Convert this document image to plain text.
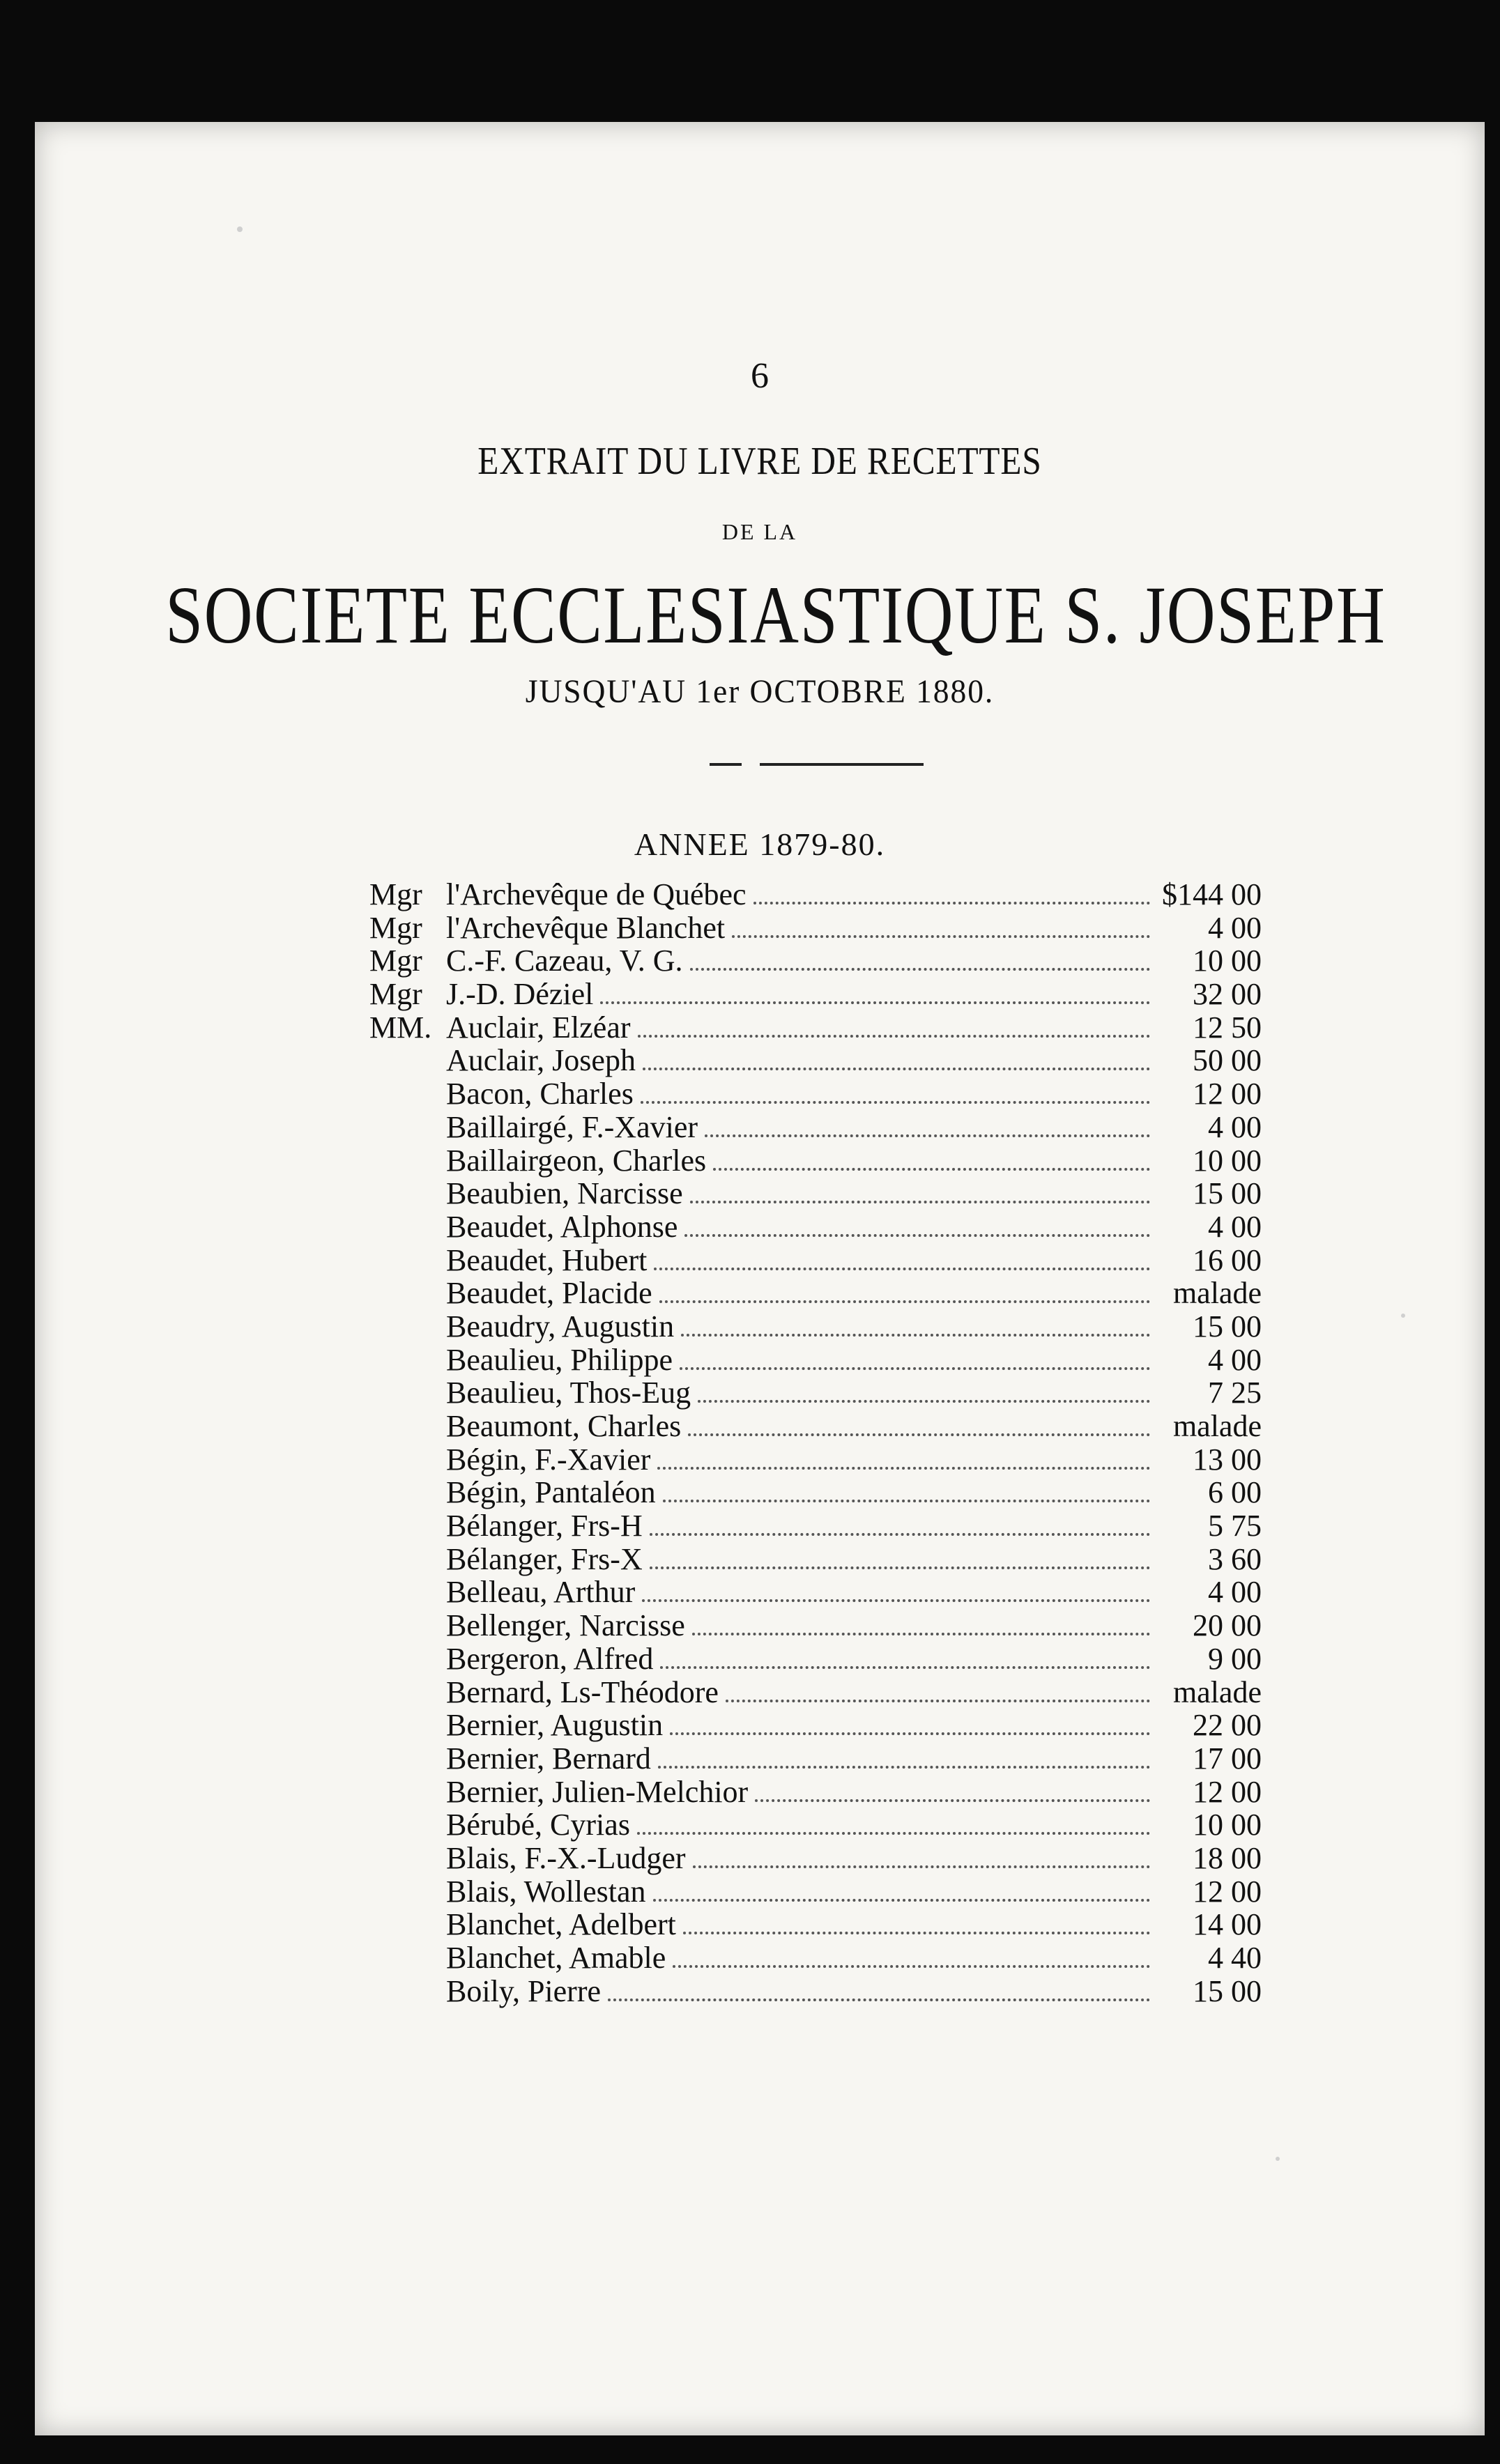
6
EXTRAIT DU LIVRE DE RECETTES
DE LA
SOCIETE ECCLESIASTIQUE S. JOSEPH
JUSQU'AU 1er OCTOBRE 1880.
ANNEE 1879-80.
Mgr l'Archevêque de Québec	$144 00
Mgr l'Archevêque Blanchet	4 00
Mgr C.-F. Cazeau, V. G.	10 00
Mgr J.-D. Déziel	32 00
MM. Auclair, Elzéar	12 50
Auclair, Joseph	50 00
Bacon, Charles	12 00
Baillairgé, F.-Xavier	4 00
Baillairgeon, Charles	10 00
Beaubien, Narcisse	15 00
Beaudet, Alphonse	4 00
Beaudet, Hubert	16 00
Beaudet, Placide	malade
Beaudry, Augustin	15 00
Beaulieu, Philippe	4 00
Beaulieu, Thos-Eug	7 25
Beaumont, Charles	malade
Bégin, F.-Xavier	13 00
Bégin, Pantaléon	6 00
Bélanger, Frs-H	5 75
Bélanger, Frs-X	3 60
Belleau, Arthur	4 00
Bellenger, Narcisse	20 00
Bergeron, Alfred	9 00
Bernard, Ls-Théodore	malade
Bernier, Augustin	22 00
Bernier, Bernard	17 00
Bernier, Julien-Melchior	12 00
Bérubé, Cyrias	10 00
Blais, F.-X.-Ludger	18 00
Blais, Wollestan	12 00
Blanchet, Adelbert	14 00
Blanchet, Amable	4 40
Boily, Pierre	15 00
